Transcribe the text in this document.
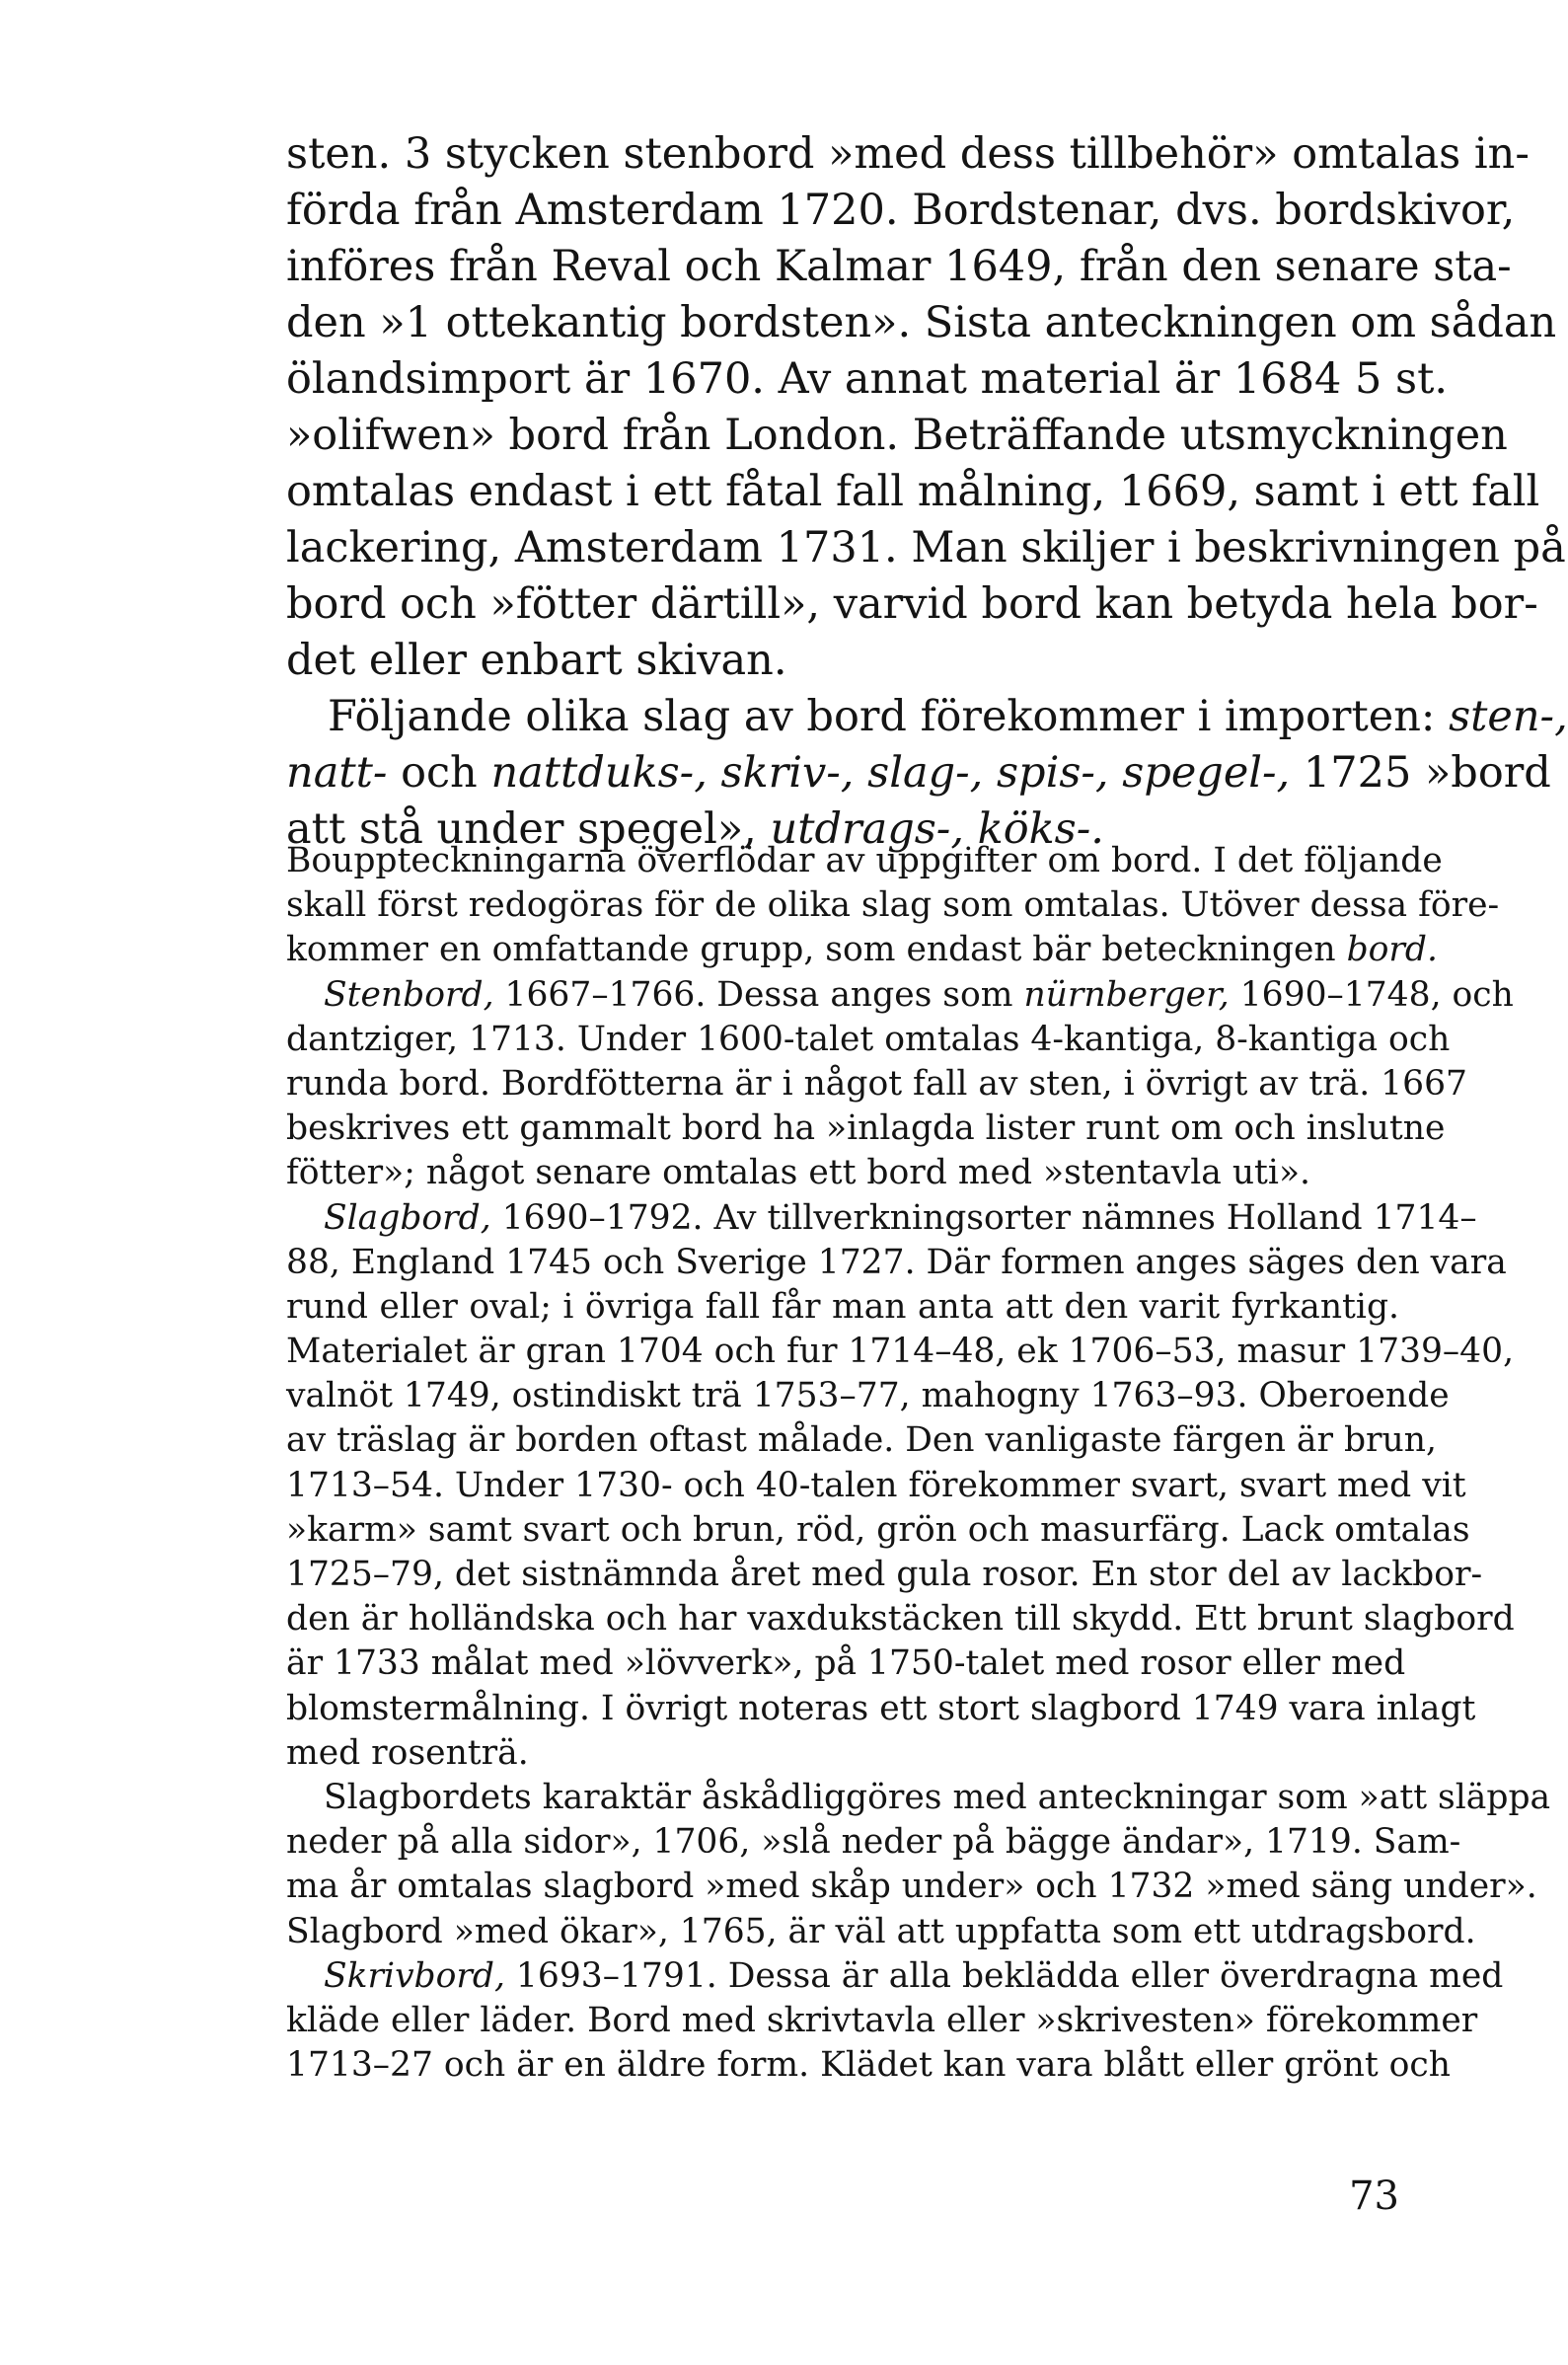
sten. 3 stycken stenbord »med dess tillbehör» omtalas in-
förda från Amsterdam 1720. Bordstenar, dvs. bordskivor,
införes från Reval och Kalmar 1649, från den senare sta-
den »1 ottekantig bordsten». Sista anteckningen om sådan
ölandsimport är 1670. Av annat material är 1684 5 st.
»olifwen» bord från London. Beträffande utsmyckningen
omtalas endast i ett fåtal fall målning, 1669, samt i ett fall
lackering, Amsterdam 1731. Man skiljer i beskrivningen på
bord och »fötter därtill», varvid bord kan betyda hela bor-
det eller enbart skivan.
Följande olika slag av bord förekommer i importen: sten-,
natt- och nattduks-, skriv-, slag-, spis-, spegel-, 1725 »bord
att stå under spegel», utdrags-, köks-.
Bouppteckningarna överflödar av uppgifter om bord. I det följande
skall först redogöras för de olika slag som omtalas. Utöver dessa före-
kommer en omfattande grupp, som endast bär beteckningen bord.
Stenbord, 1667–1766. Dessa anges som nürnberger, 1690–1748, och
dantziger, 1713. Under 1600-talet omtalas 4-kantiga, 8-kantiga och
runda bord. Bordfötterna är i något fall av sten, i övrigt av trä. 1667
beskrives ett gammalt bord ha »inlagda lister runt om och inslutne
fötter»; något senare omtalas ett bord med »stentavla uti».
Slagbord, 1690–1792. Av tillverkningsorter nämnes Holland 1714–
88, England 1745 och Sverige 1727. Där formen anges säges den vara
rund eller oval; i övriga fall får man anta att den varit fyrkantig.
Materialet är gran 1704 och fur 1714–48, ek 1706–53, masur 1739–40,
valnöt 1749, ostindiskt trä 1753–77, mahogny 1763–93. Oberoende
av träslag är borden oftast målade. Den vanligaste färgen är brun,
1713–54. Under 1730- och 40-talen förekommer svart, svart med vit
»karm» samt svart och brun, röd, grön och masurfärg. Lack omtalas
1725–79, det sistnämnda året med gula rosor. En stor del av lackbor-
den är holländska och har vaxdukstäcken till skydd. Ett brunt slagbord
är 1733 målat med »lövverk», på 1750-talet med rosor eller med
blomstermålning. I övrigt noteras ett stort slagbord 1749 vara inlagt
med rosenträ.
Slagbordets karaktär åskådliggöres med anteckningar som »att släppa
neder på alla sidor», 1706, »slå neder på bägge ändar», 1719. Sam-
ma år omtalas slagbord »med skåp under» och 1732 »med säng under».
Slagbord »med ökar», 1765, är väl att uppfatta som ett utdragsbord.
Skrivbord, 1693–1791. Dessa är alla beklädda eller överdragna med
kläde eller läder. Bord med skrivtavla eller »skrivesten» förekommer
1713–27 och är en äldre form. Klädet kan vara blått eller grönt och
73
